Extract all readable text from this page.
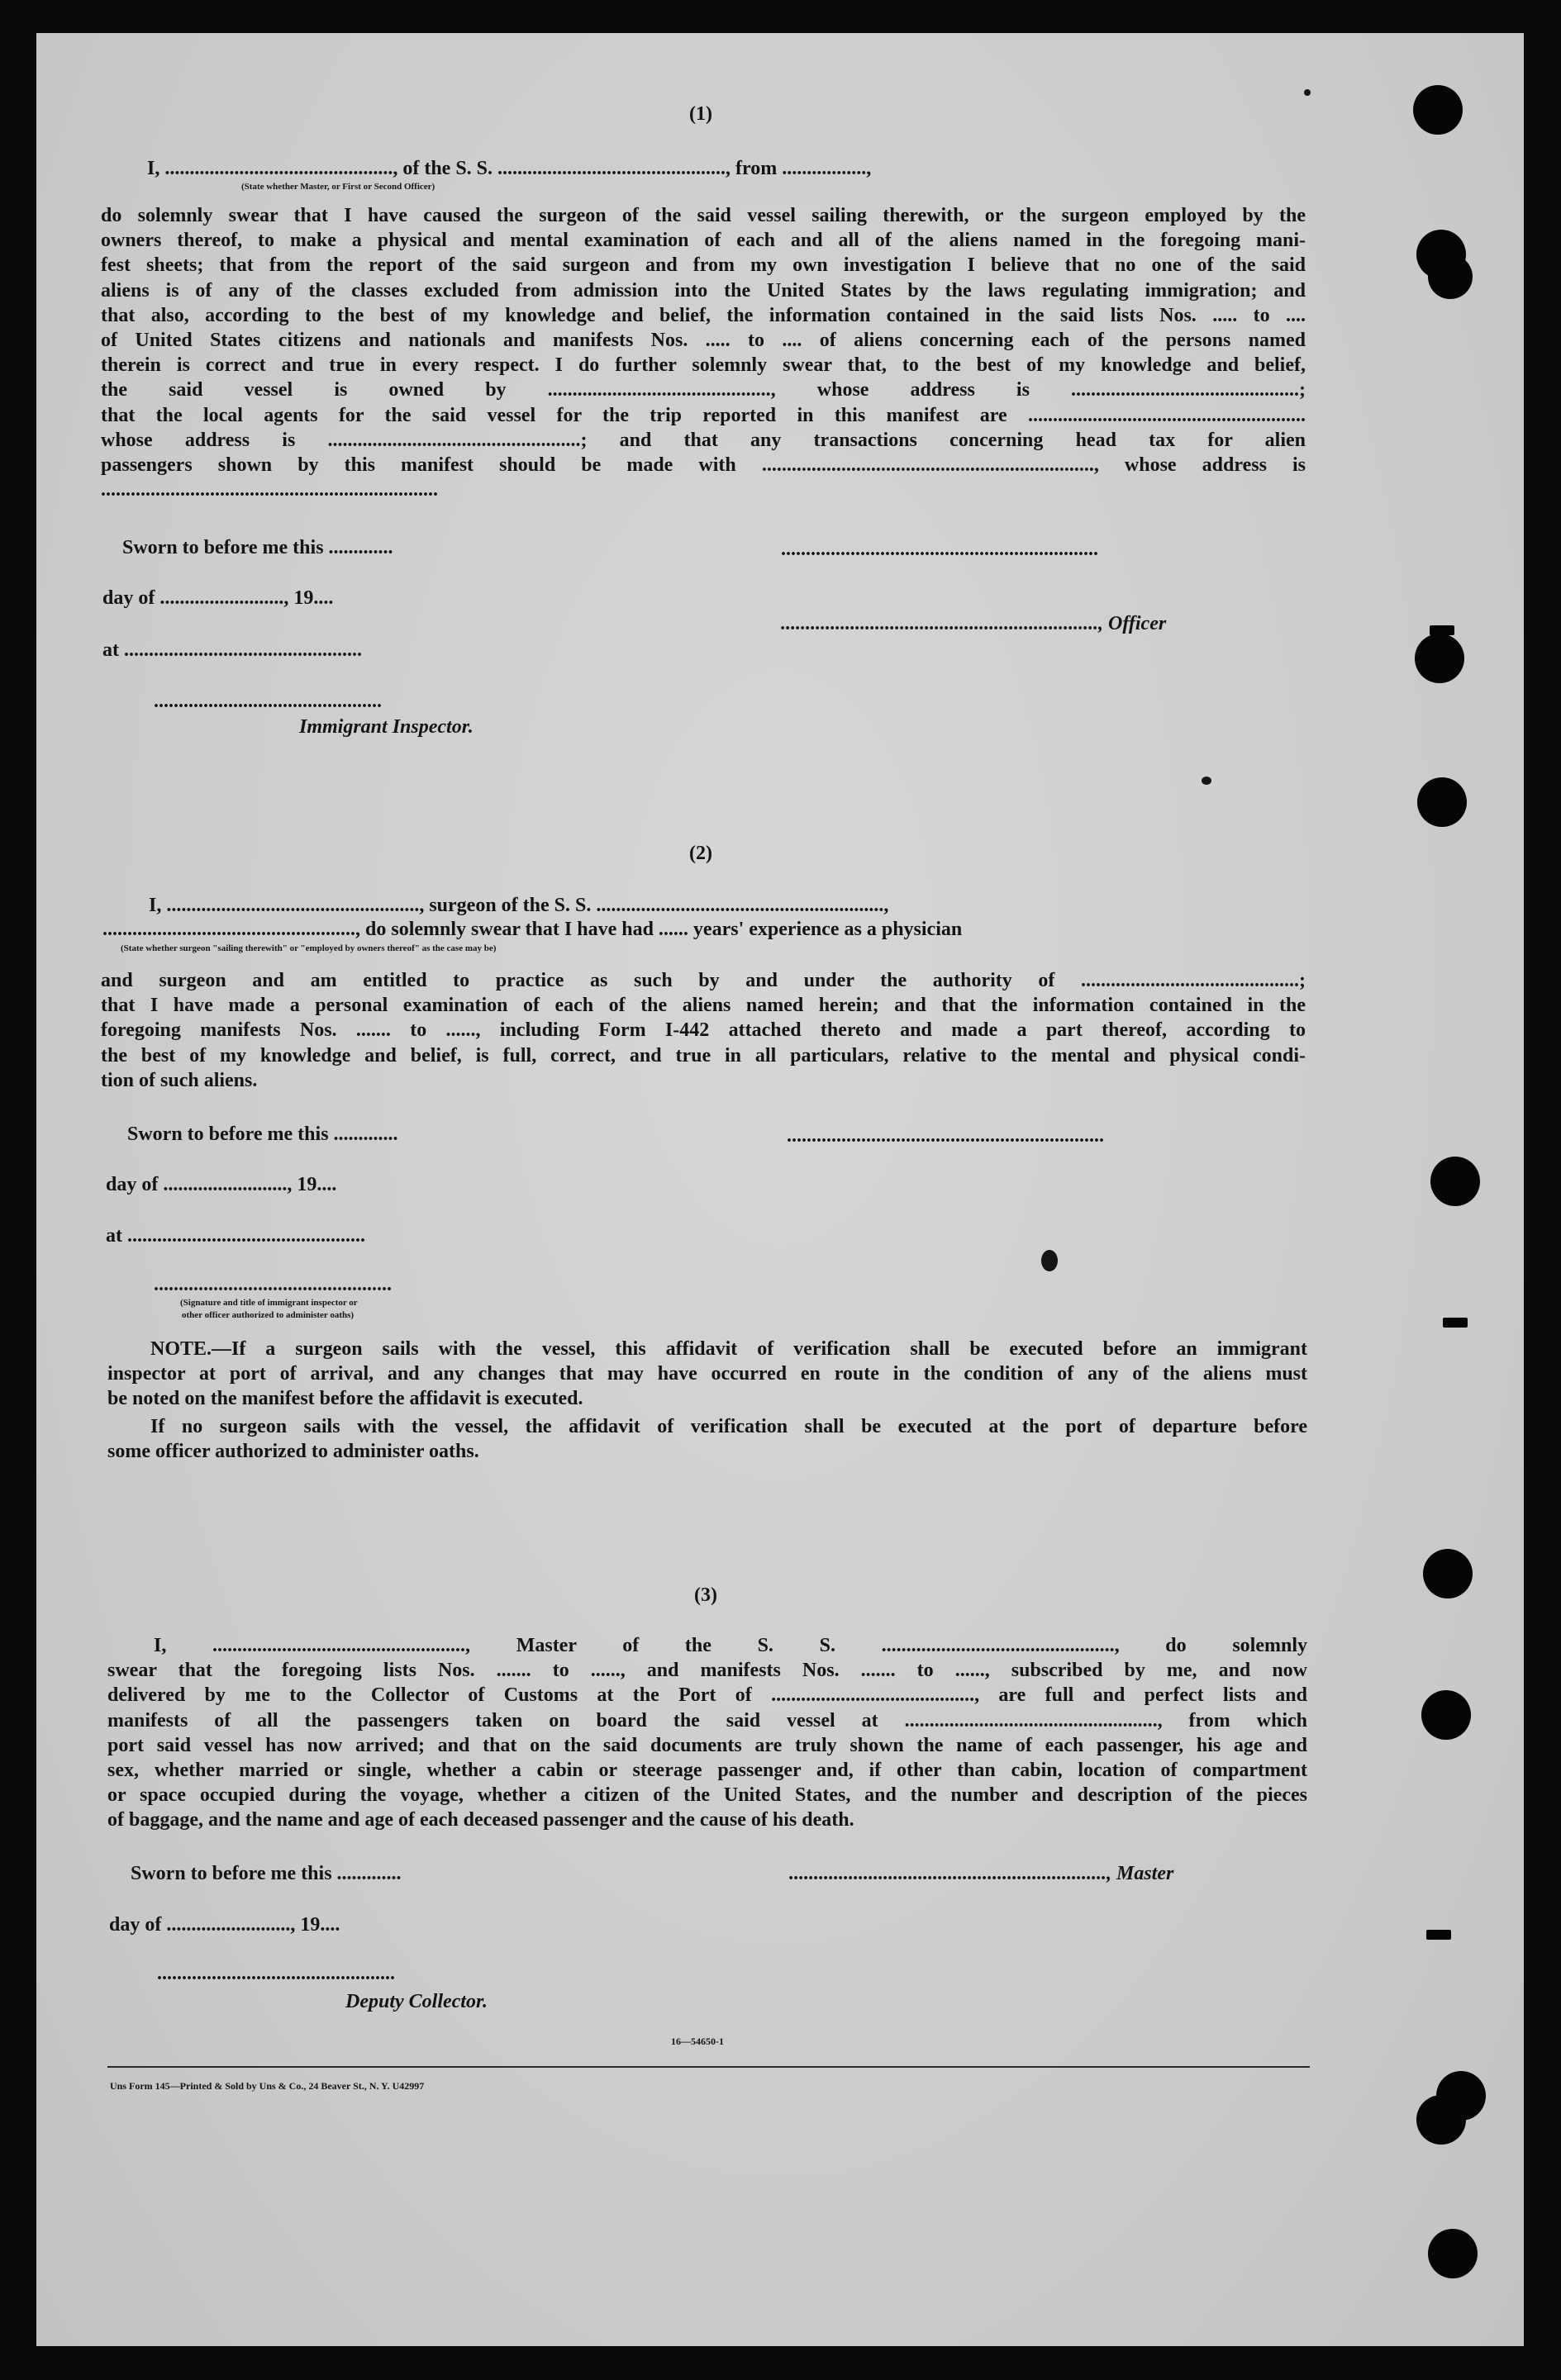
(1)
I, .............................................., of the S. S. .............................................., from .................,
(State whether Master, or First or Second Officer)
do solemnly swear that I have caused the surgeon of the said vessel sailing therewith, or the surgeon employed by the
owners thereof, to make a physical and mental examination of each and all of the aliens named in the foregoing mani-
fest sheets; that from the report of the said surgeon and from my own investigation I believe that no one of the said
aliens is of any of the classes excluded from admission into the United States by the laws regulating immigration; and
that also, according to the best of my knowledge and belief, the information contained in the said lists Nos. ..... to ....
of United States citizens and nationals and manifests Nos. ..... to .... of aliens concerning each of the persons named
therein is correct and true in every respect. I do further solemnly swear that, to the best of my knowledge and belief,
the said vessel is owned by ............................................., whose address is ..............................................;
that the local agents for the said vessel for the trip reported in this manifest are ........................................................
whose address is ...................................................; and that any transactions concerning head tax for alien
passengers shown by this manifest should be made with ..................................................................., whose address is
....................................................................
Sworn to before me this .............	................................................................
day of ........................., 19....
................................................................, Officer
at ................................................
..............................................
Immigrant Inspector.
(2)
I, ..................................................., surgeon of the S. S. ..........................................................,
..................................................., do solemnly swear that I have had ...... years' experience as a physician
(State whether surgeon "sailing therewith" or "employed by owners thereof" as the case may be)
and surgeon and am entitled to practice as such by and under the authority of ............................................;
that I have made a personal examination of each of the aliens named herein; and that the information contained in the
foregoing manifests Nos. ....... to ......, including Form I-442 attached thereto and made a part thereof, according to
the best of my knowledge and belief, is full, correct, and true in all particulars, relative to the mental and physical condi-
tion of such aliens.
Sworn to before me this .............	................................................................
day of ........................., 19....
at ................................................
................................................
(Signature and title of immigrant inspector or
other officer authorized to administer oaths)
NOTE.—If a surgeon sails with the vessel, this affidavit of verification shall be executed before an immigrant
inspector at port of arrival, and any changes that may have occurred en route in the condition of any of the aliens must
be noted on the manifest before the affidavit is executed.
If no surgeon sails with the vessel, the affidavit of verification shall be executed at the port of departure before
some officer authorized to administer oaths.
(3)
I, ..................................................., Master of the S. S. ..............................................., do solemnly
swear that the foregoing lists Nos. ....... to ......, and manifests Nos. ....... to ......, subscribed by me, and now
delivered by me to the Collector of Customs at the Port of ........................................., are full and perfect lists and
manifests of all the passengers taken on board the said vessel at ..................................................., from which
port said vessel has now arrived; and that on the said documents are truly shown the name of each passenger, his age and
sex, whether married or single, whether a cabin or steerage passenger and, if other than cabin, location of compartment
or space occupied during the voyage, whether a citizen of the United States, and the number and description of the pieces
of baggage, and the name and age of each deceased passenger and the cause of his death.
Sworn to before me this .............	................................................................, Master
day of ........................., 19....
................................................
Deputy Collector.
16—54650-1
Uns Form 145—Printed & Sold by Uns & Co., 24 Beaver St., N. Y. U42997
